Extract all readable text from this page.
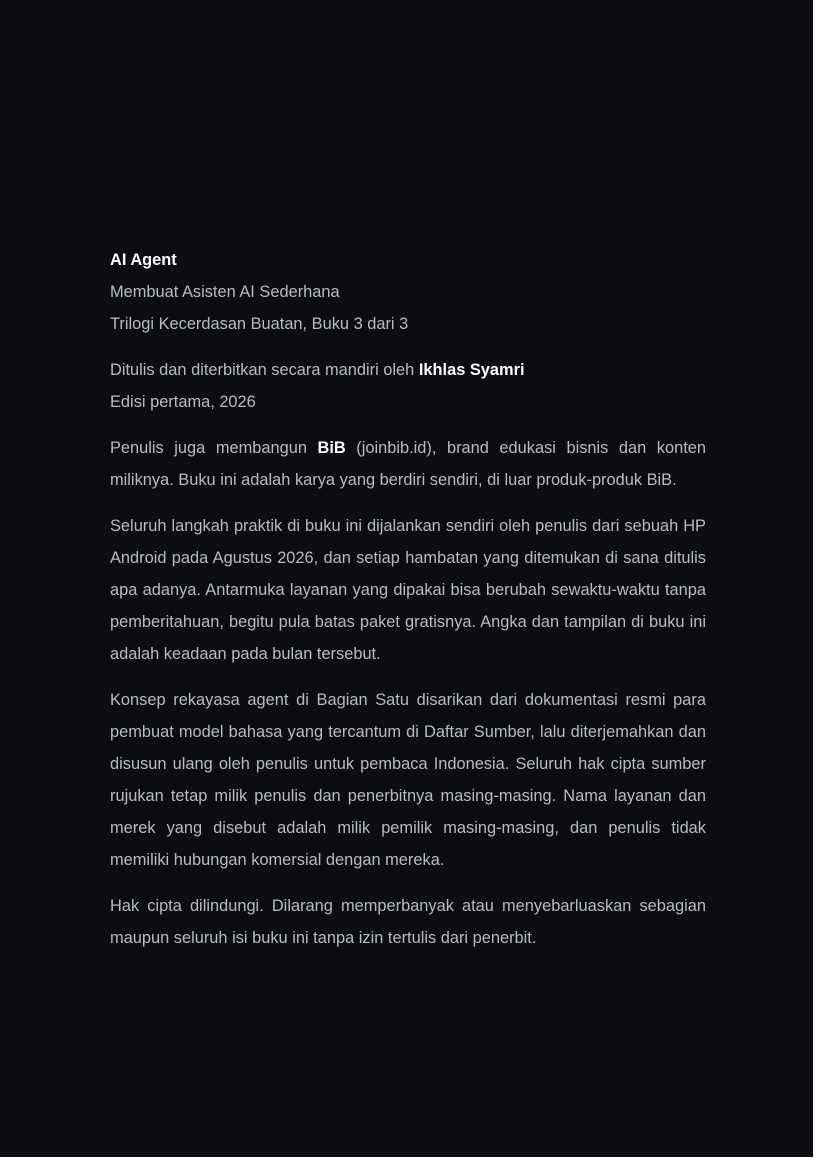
AI Agent

Membuat Asisten AI Sederhana

Trilogi Kecerdasan Buatan, Buku 3 dari 3

Ditulis dan diterbitkan secara mandiri oleh Ikhlas Syamri

Edisi pertama, 2026

Penulis juga membangun BiB (joinbib.id), brand edukasi bisnis dan konten miliknya. Buku ini adalah karya yang berdiri sendiri, di luar produk-produk BiB.

Seluruh langkah praktik di buku ini dijalankan sendiri oleh penulis dari sebuah HP Android pada Agustus 2026, dan setiap hambatan yang ditemukan di sana ditulis apa adanya. Antarmuka layanan yang dipakai bisa berubah sewaktu-waktu tanpa pemberitahuan, begitu pula batas paket gratisnya. Angka dan tampilan di buku ini adalah keadaan pada bulan tersebut.

Konsep rekayasa agent di Bagian Satu disarikan dari dokumentasi resmi para pembuat model bahasa yang tercantum di Daftar Sumber, lalu diterjemahkan dan disusun ulang oleh penulis untuk pembaca Indonesia. Seluruh hak cipta sumber rujukan tetap milik penulis dan penerbitnya masing-masing. Nama layanan dan merek yang disebut adalah milik pemilik masing-masing, dan penulis tidak memiliki hubungan komersial dengan mereka.

Hak cipta dilindungi. Dilarang memperbanyak atau menyebarluaskan sebagian maupun seluruh isi buku ini tanpa izin tertulis dari penerbit.
